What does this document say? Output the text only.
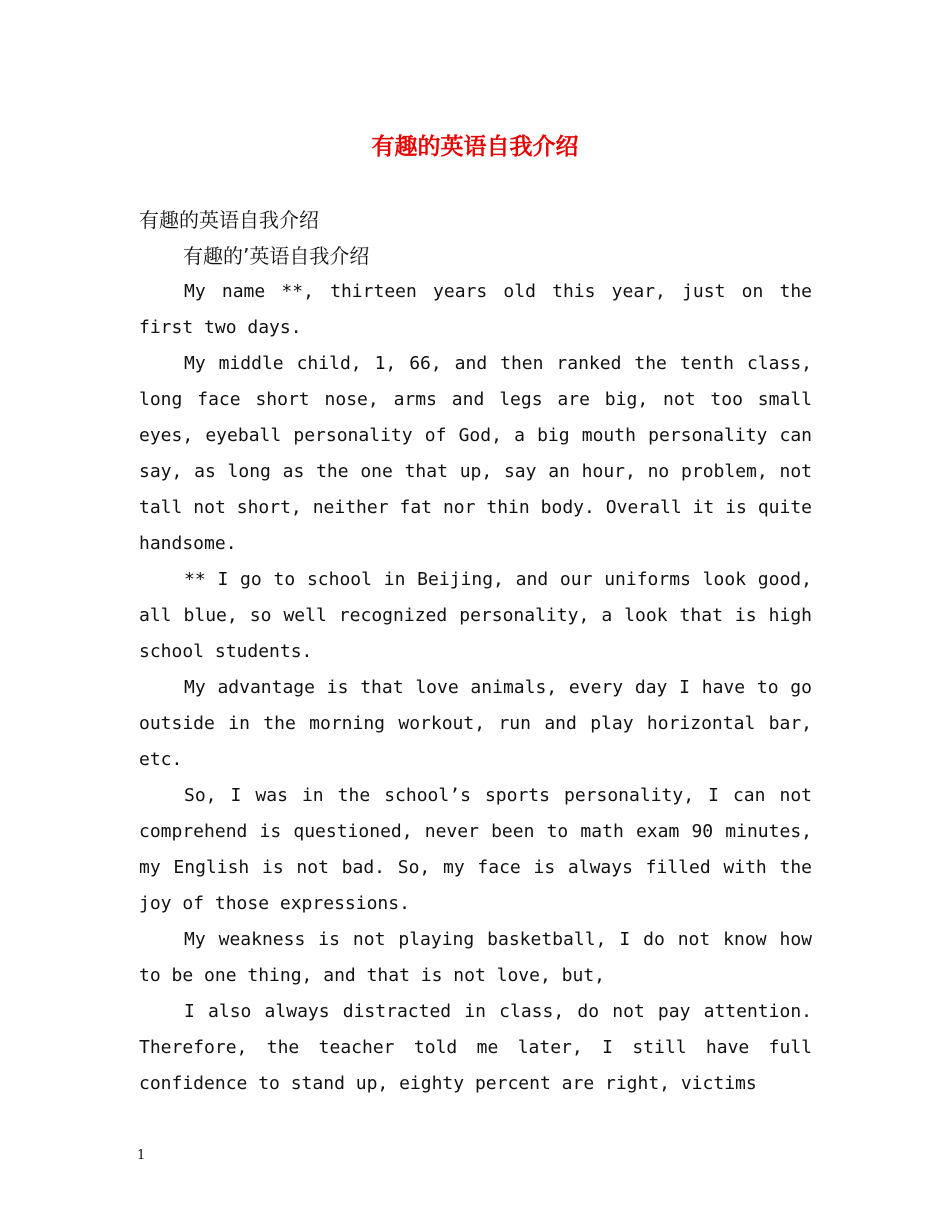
有趣的英语自我介绍

有趣的英语自我介绍

有趣的’英语自我介绍

My name **, thirteen years old this year, just on the first two days.

My middle child, 1, 66, and then ranked the tenth class, long face short nose, arms and legs are big, not too small eyes, eyeball personality of God, a big mouth personality can say, as long as the one that up, say an hour, no problem, not tall not short, neither fat nor thin body. Overall it is quite handsome.

** I go to school in Beijing, and our uniforms look good, all blue, so well recognized personality, a look that is high school students.

My advantage is that love animals, every day I have to go outside in the morning workout, run and play horizontal bar, etc.

So, I was in the school’s sports personality, I can not comprehend is questioned, never been to math exam 90 minutes, my English is not bad. So, my face is always filled with the joy of those expressions.

My weakness is not playing basketball, I do not know how to be one thing, and that is not love, but,

I also always distracted in class, do not pay attention. Therefore, the teacher told me later, I still have full confidence to stand up, eighty percent are right, victims

1
